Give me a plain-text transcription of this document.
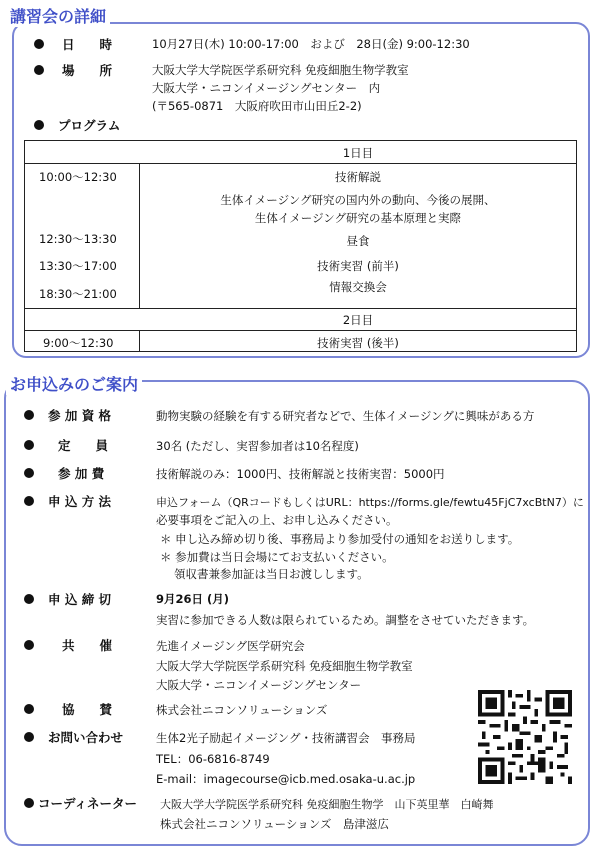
講習会の詳細
日　　時	10月27日(木) 10:00-17:00　および　28日(金) 9:00-12:30
場　　所	大阪大学大学院医学系研究科 免疫細胞生物学教室
大阪大学・ニコンイメージングセンター　内
(〒565-0871　大阪府吹田市山田丘2-2)
プログラム
1日目
10:00〜12:30	技術解説
生体イメージング研究の国内外の動向、今後の展開、
生体イメージング研究の基本原理と実際
12:30〜13:30	昼食
13:30〜17:00	技術実習 (前半)
18:30〜21:00	情報交換会
2日目
9:00〜12:30	技術実習 (後半)
お申込みのご案内
参 加 資 格	動物実験の経験を有する研究者などで、生体イメージングに興味がある方
定　　員	30名 (ただし、実習参加者は10名程度)
参 加 費	技術解説のみ：1000円、技術解説と技術実習：5000円
申 込 方 法	申込フォーム（QRコードもしくはURL：https://forms.gle/fewtu45FjC7xcBtN7）に
必要事項をご記入の上、お申し込みください。
＊ 申し込み締め切り後、事務局より参加受付の通知をお送りします。
＊ 参加費は当日会場にてお支払いください。
領収書兼参加証は当日お渡しします。
申 込 締 切	9月26日 (月)
実習に参加できる人数は限られているため。調整をさせていただきます。
共　　催	先進イメージング医学研究会
大阪大学大学院医学系研究科 免疫細胞生物学教室
大阪大学・ニコンイメージングセンター
協　　賛	株式会社ニコンソリューションズ
お問い合わせ	生体2光子励起イメージング・技術講習会　事務局
TEL：06-6816-8749
E-mail：imagecourse@icb.med.osaka-u.ac.jp
コーディネーター 大阪大学大学院医学系研究科 免疫細胞生物学　山下英里華　白崎舞
株式会社ニコンソリューションズ　島津滋広
